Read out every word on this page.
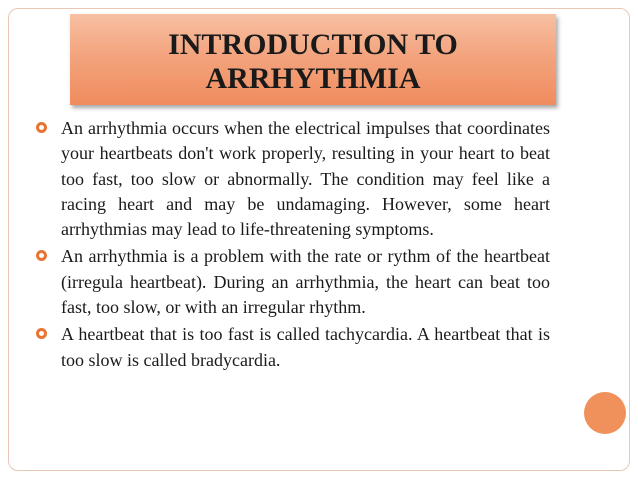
INTRODUCTION TO
ARRHYTHMIA
An arrhythmia occurs when the electrical impulses that coordinates your heartbeats don't work properly, resulting in your heart to beat too fast, too slow or abnormally. The condition may feel like a racing heart and may be undamaging. However, some heart arrhythmias may lead to life-threatening symptoms.
An arrhythmia is a problem with the rate or rythm of the heartbeat (irregula heartbeat). During an arrhythmia, the heart can beat too fast, too slow, or with an irregular rhythm.
A heartbeat that is too fast is called tachycardia. A heartbeat that is too slow is called bradycardia.
